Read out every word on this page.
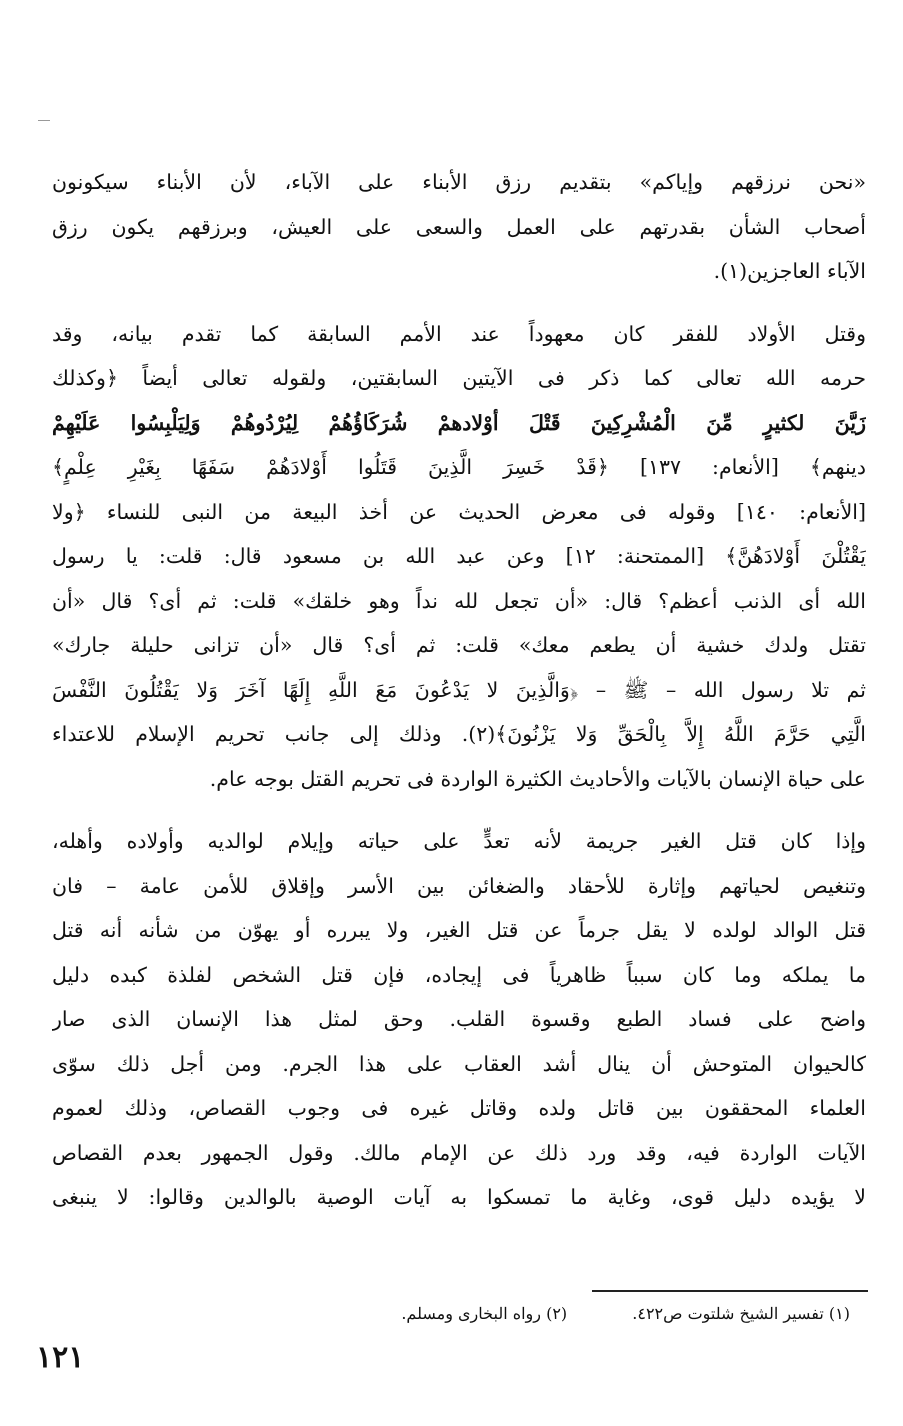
«نحن نرزقهم وإياكم» بتقديم رزق الأبناء على الآباء، لأن الأبناء سيكونون
أصحاب الشأن بقدرتهم على العمل والسعى على العيش، وبرزقهم يكون رزق
الآباء العاجزين(١).
وقتل الأولاد للفقر كان معهوداً عند الأمم السابقة كما تقدم بيانه، وقد
حرمه الله تعالى كما ذكر فى الآيتين السابقتين، ولقوله تعالى أيضاً ﴿وكذلك
زَيَّنَ لكثيرٍ مِّنَ الْمُشْرِكِينَ قَتْلَ أوْلادهمْ شُرَكَاؤُهُمْ لِيُرْدُوهُمْ وَلِيَلْبِسُوا عَلَيْهِمْ
دينهم﴾ [الأنعام: ١٣٧] ﴿قَدْ خَسِرَ الَّذِينَ قَتَلُوا أَوْلادَهُمْ سَفَهًا بِغَيْرِ عِلْمٍ﴾
[الأنعام: ١٤٠] وقوله فى معرض الحديث عن أخذ البيعة من النبى للنساء ﴿ولا
يَقْتُلْنَ أَوْلادَهُنَّ﴾ [الممتحنة: ١٢] وعن عبد الله بن مسعود قال: قلت: يا رسول
الله أى الذنب أعظم؟ قال: «أن تجعل لله نداً وهو خلقك» قلت: ثم أى؟ قال «أن
تقتل ولدك خشية أن يطعم معك» قلت: ثم أى؟ قال «أن تزانى حليلة جارك»
ثم تلا رسول الله – ﷺ – ﴿وَالَّذِينَ لا يَدْعُونَ مَعَ اللَّهِ إِلَهًا آخَرَ وَلا يَقْتُلُونَ النَّفْسَ
الَّتِي حَرَّمَ اللَّهُ إِلاَّ بِالْحَقِّ وَلا يَزْنُونَ﴾(٢). وذلك إلى جانب تحريم الإسلام للاعتداء
على حياة الإنسان بالآيات والأحاديث الكثيرة الواردة فى تحريم القتل بوجه عام.
وإذا كان قتل الغير جريمة لأنه تعدٍّ على حياته وإيلام لوالديه وأولاده وأهله،
وتنغيص لحياتهم وإثارة للأحقاد والضغائن بين الأسر وإقلاق للأمن عامة – فان
قتل الوالد لولده لا يقل جرماً عن قتل الغير، ولا يبرره أو يهوّن من شأنه أنه قتل
ما يملكه وما كان سبباً ظاهرياً فى إيجاده، فإن قتل الشخص لفلذة كبده دليل
واضح على فساد الطبع وقسوة القلب. وحق لمثل هذا الإنسان الذى صار
كالحيوان المتوحش أن ينال أشد العقاب على هذا الجرم. ومن أجل ذلك سوّى
العلماء المحققون بين قاتل ولده وقاتل غيره فى وجوب القصاص، وذلك لعموم
الآيات الواردة فيه، وقد ورد ذلك عن الإمام مالك. وقول الجمهور بعدم القصاص
لا يؤيده دليل قوى، وغاية ما تمسكوا به آيات الوصية بالوالدين وقالوا: لا ينبغى
(١) تفسير الشيخ شلتوت ص٤٢٢. (٢) رواه البخارى ومسلم.
١٢١
